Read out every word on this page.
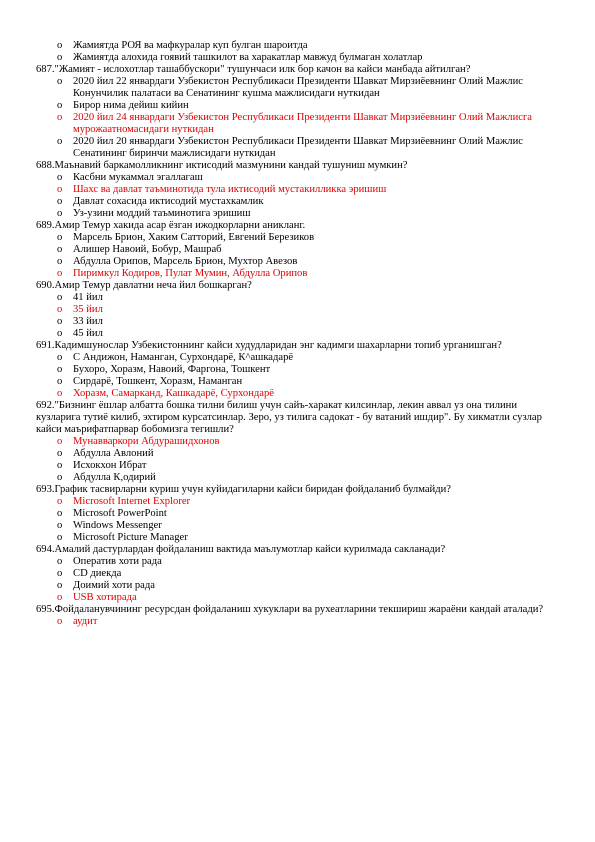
o Жамиятда РОЯ ва мафкуралар куп булган шароитда
o Жамиятда алохида гоявий ташкилот ва харакатлар мавжуд булмаган холатлар
687."Жамият - ислохотлар ташаббускори" тушунчаси илк бор качон ва кайси манбада айтилган?
o 2020 йил 22 январдаги Узбекистон Республикаси Президенти Шавкат Мирзиёевнинг Олий Мажлис Конунчилик палатаси ва Сенатининг кушма мажлисидаги нуткидан
o Бирор нима дейиш кийин
o 2020 йил 24 январдаги Узбекистон Республикаси Президенти Шавкат Мирзиёевнинг Олий Мажлисга мурожаатномасидаги нуткидан
o 2020 йил 20 январдаги Узбекистон Республикаси Президенти Шавкат Мирзиёевнинг Олий Мажлис Сенатининг биринчи мажлисидаги нуткидан
688.Маънавий баркамолликнинг иктисодий мазмунини кандай тушуниш мумкин?
o Касбни мукаммал эгаллагаш
o Шахс ва давлат таъминотида тула иктисодий мустакилликка эришиш
o Давлат сохасида иктисодий мустахкамлик
o Уз-узини моддий таъминотига эришиш
689.Амир Темур хакида асар ёзган ижодкорларни аникланг.
o Марсель Брион, Хаким Сатторий, Евгений Березиков
o Алишер Навоий, Бобур, Машраб
o Абдулла Орипов, Марсель Брион, Мухтор Авезов
o Пиримкул Кодиров, Пулат Мумин, Абдулла Орипов
690.Амир Темур давлатни неча йил бошкарган?
o 41 йил
o 35 йил
o 33 йил
o 45 йил
691.Кадимшунослар Узбекистоннинг кайси худудларидан энг кадимги шахарларни топиб урганишган?
o С Андижон, Наманган, Сурхондарё, К^ашкадарё
o Бухоро, Хоразм, Навоий, Фаргона, Тошкент
o Сирдарё, Тошкент, Хоразм, Наманган
o Хоразм, Самарканд, Кашкадарё, Сурхондарё
692."Бизнинг ёшлар албатта бошка тилни билиш учун сайъ-харакат килсинлар, лекин аввал уз она тилини кузларига тутиё килиб, эхтиром курсатсинлар. Зеро, уз тилига садокат - бу ватаний ишдир". Бу хикматли сузлар кайси маърифатпарвар бобомизга тегишли?
o Мунавваркори Абдурашидхонов
o Абдулла Авлоний
o Исхокхон Ибрат
o Абдулла К,одирий
693.График тасвирларни куриш учун куйидагиларни кайси биридан фойдаланиб булмайди?
o Microsoft Internet Explorer
o Microsoft PowerPoint
o Windows Messenger
o Microsoft Picture Manager
694.Амалий дастурлардан фойдаланиш вактида маълумотлар кайси курилмада сакланади?
o Оператив хоти рада
o CD диекда
o Доимий хоти рада
o USB хотирада
695.Фойдаланувчининг ресурсдан фойдаланиш хукуклари ва рухеатларини текшириш жараёни кандай аталади?
o аудит
